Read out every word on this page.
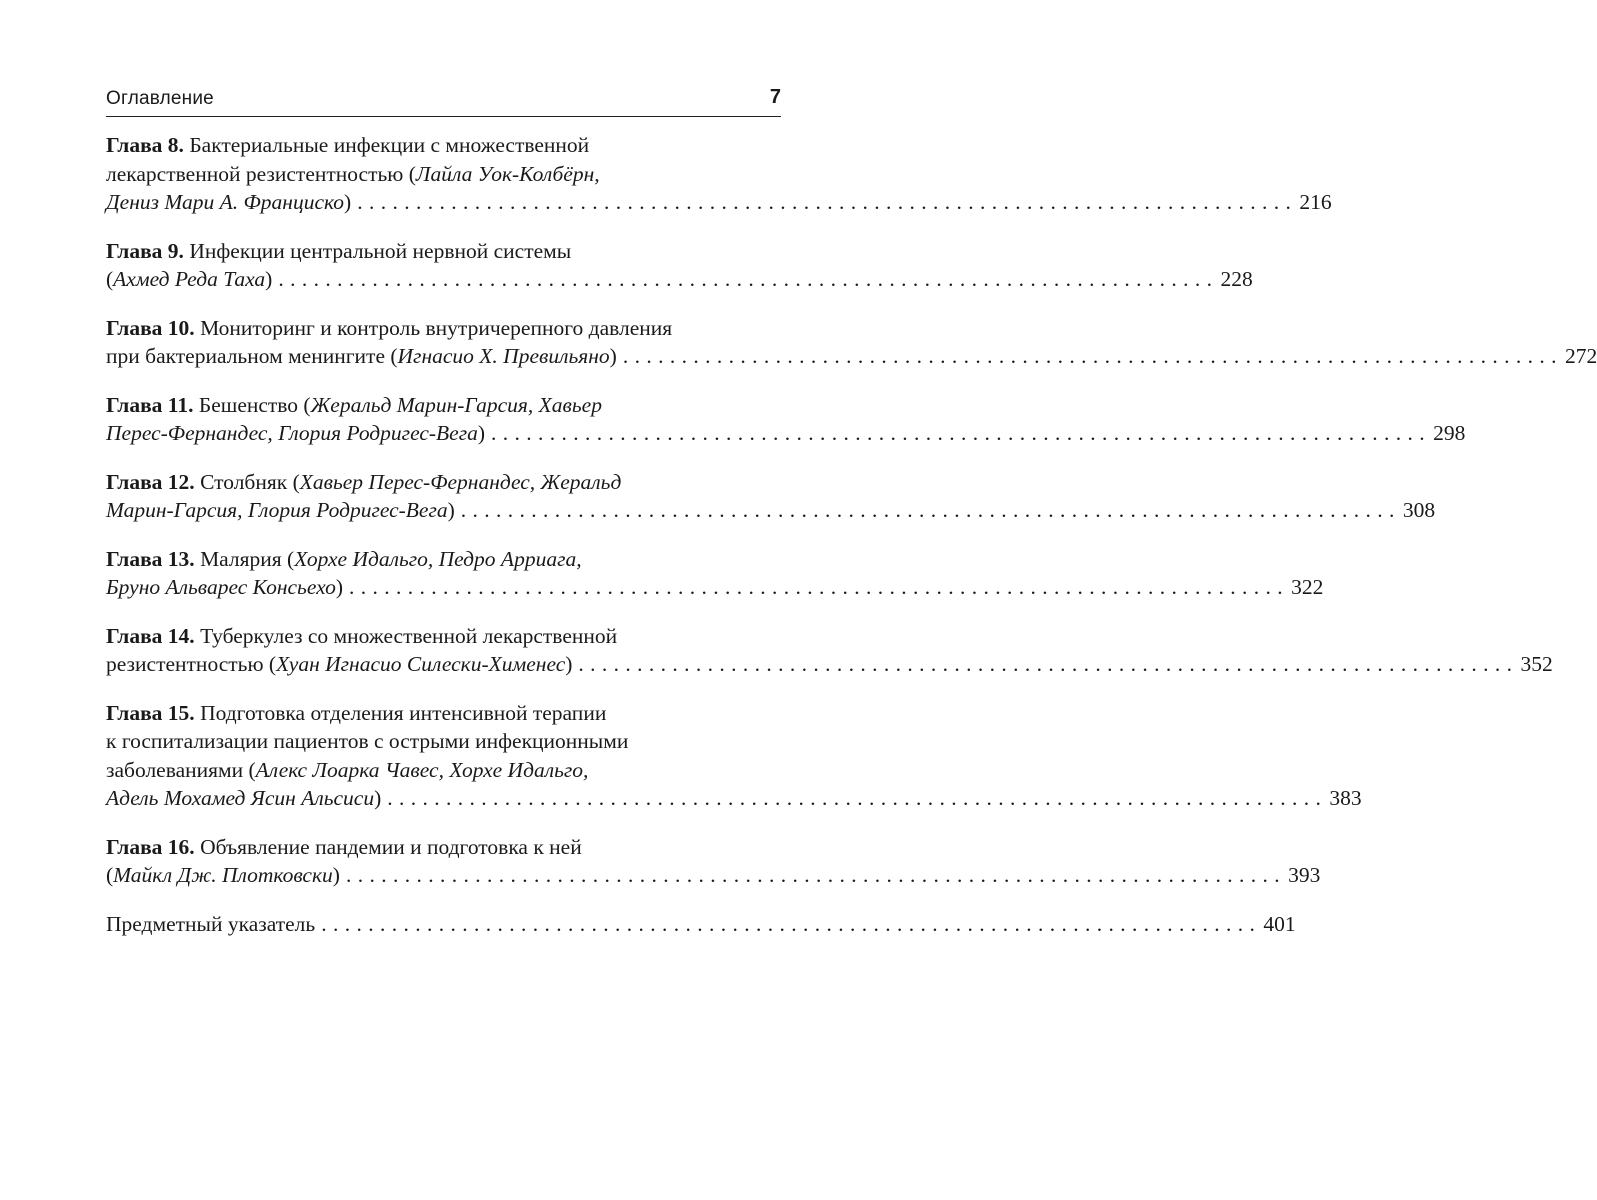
Оглавление	7
Глава 8. Бактериальные инфекции с множественной
лекарственной резистентностью (Лайла Уок-Колбёрн,
Дениз Мари А. Франциско) . . . . . . . . . . . . . . . . . . . . . . . . . . . . . . . . . . . . . . . . . . . . . . . . . . . . . . . . . . . . . . . . . . . . . . . . . . . . . . . . 216
Глава 9. Инфекции центральной нервной системы
(Ахмед Реда Таха) . . . . . . . . . . . . . . . . . . . . . . . . . . . . . . . . . . . . . . . . . . . . . . . . . . . . . . . . . . . . . . . . . . . . . . . . . . . . . . . . 228
Глава 10. Мониторинг и контроль внутричерепного давления
при бактериальном менингите (Игнасио Х. Превильяно) . . . . . . . . . . . . . . . . . . . . . . . . . . . . . . . . . . . . . . . . . . . . . . . . . . . . . . . . . . . . . . . . . . . . . . . . . . . . . . . . 272
Глава 11. Бешенство (Жеральд Марин-Гарсия, Хавьер
Перес-Фернандес, Глория Родригес-Вега) . . . . . . . . . . . . . . . . . . . . . . . . . . . . . . . . . . . . . . . . . . . . . . . . . . . . . . . . . . . . . . . . . . . . . . . . . . . . . . . . 298
Глава 12. Столбняк (Хавьер Перес-Фернандес, Жеральд
Марин-Гарсия, Глория Родригес-Вега) . . . . . . . . . . . . . . . . . . . . . . . . . . . . . . . . . . . . . . . . . . . . . . . . . . . . . . . . . . . . . . . . . . . . . . . . . . . . . . . . 308
Глава 13. Малярия (Хорхе Идальго, Педро Арриага,
Бруно Альварес Консьехо) . . . . . . . . . . . . . . . . . . . . . . . . . . . . . . . . . . . . . . . . . . . . . . . . . . . . . . . . . . . . . . . . . . . . . . . . . . . . . . . . 322
Глава 14. Туберкулез со множественной лекарственной
резистентностью (Хуан Игнасио Силески-Хименес) . . . . . . . . . . . . . . . . . . . . . . . . . . . . . . . . . . . . . . . . . . . . . . . . . . . . . . . . . . . . . . . . . . . . . . . . . . . . . . . . 352
Глава 15. Подготовка отделения интенсивной терапии
к госпитализации пациентов с острыми инфекционными
заболеваниями (Алекс Лоарка Чавес, Хорхе Идальго,
Адель Мохамед Ясин Альсиси) . . . . . . . . . . . . . . . . . . . . . . . . . . . . . . . . . . . . . . . . . . . . . . . . . . . . . . . . . . . . . . . . . . . . . . . . . . . . . . . . 383
Глава 16. Объявление пандемии и подготовка к ней
(Майкл Дж. Плотковски) . . . . . . . . . . . . . . . . . . . . . . . . . . . . . . . . . . . . . . . . . . . . . . . . . . . . . . . . . . . . . . . . . . . . . . . . . . . . . . . . 393
Предметный указатель . . . . . . . . . . . . . . . . . . . . . . . . . . . . . . . . . . . . . . . . . . . . . . . . . . . . . . . . . . . . . . . . . . . . . . . . . . . . . . . . 401
